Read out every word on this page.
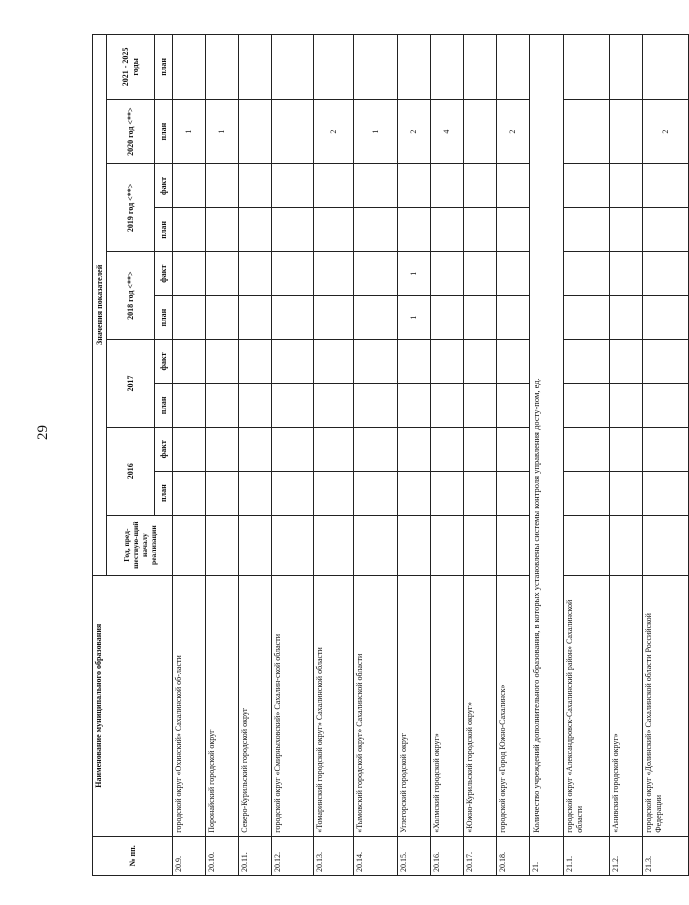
29
№ пп.	Наименование муниципального образования	Значения показателей										
		Год, пред-шествую-щий началу реализации	2016		2017		2018 год <**>		2019 год <**>		2020 год <**>	2021 - 2025 годы
			план	факт	план	факт	план	факт	план	факт	план	план
20.9.	городской округ «Охинский» Сахалинской об-ласти										1	
20.10.	Поронайский городской округ										1	
20.11.	Северо-Курильский городской округ											
20.12.	городской округ «Смирныховский» Сахалин-ской области											
20.13.	«Томаринский городской округ» Сахалинской области										2	
20.14.	«Тымовский городской округ» Сахалинской области										1	
20.15.	Углегорский городской округ						1	1			2	
20.16.	«Холмский городской округ»										4	
20.17.	«Южно-Курильский городской округ»											
20.18.	городской округ «Город Южно-Сахалинск»										2	
21.	Количество учреждений дополнительного образования, в которых установлены системы контроля управления досту-пом, ед.											
21.1.	городской округ «Александровск-Сахалинский район» Сахалинской области											
21.2.	«Анивский городской округ»											
21.3.	городской округ «Долинский» Сахалинской области Российской Федерации										2	
